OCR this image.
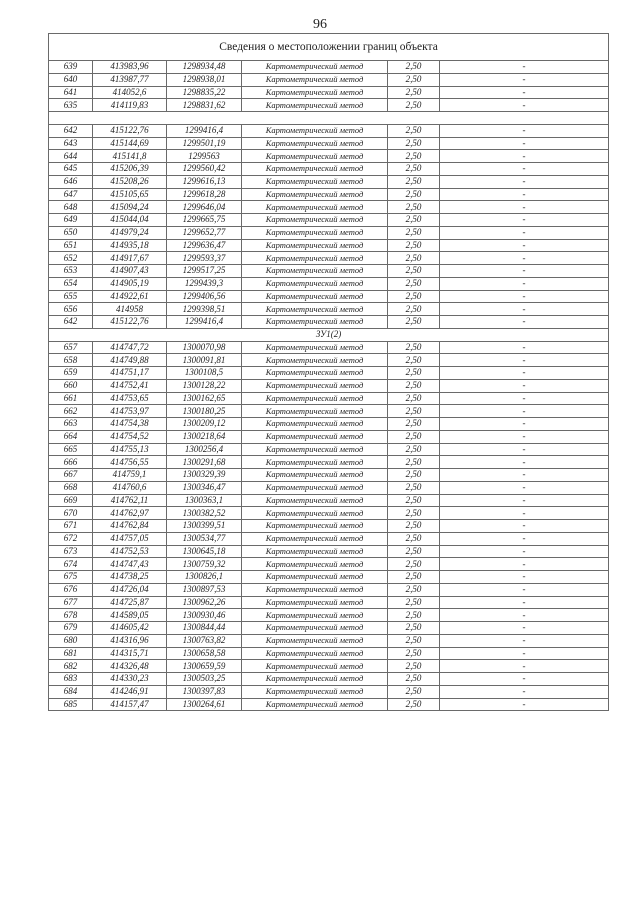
96
Сведения о местоположении границ объекта					
639	413983,96	1298934,48	Картометрический метод	2,50	-
640	413987,77	1298938,01	Картометрический метод	2,50	-
641	414052,6	1298835,22	Картометрический метод	2,50	-
635	414119,83	1298831,62	Картометрический метод	2,50	-

642	415122,76	1299416,4	Картометрический метод	2,50	-
643	415144,69	1299501,19	Картометрический метод	2,50	-
644	415141,8	1299563	Картометрический метод	2,50	-
645	415206,39	1299560,42	Картометрический метод	2,50	-
646	415208,26	1299616,13	Картометрический метод	2,50	-
647	415105,65	1299618,28	Картометрический метод	2,50	-
648	415094,24	1299646,04	Картометрический метод	2,50	-
649	415044,04	1299665,75	Картометрический метод	2,50	-
650	414979,24	1299652,77	Картометрический метод	2,50	-
651	414935,18	1299636,47	Картометрический метод	2,50	-
652	414917,67	1299593,37	Картометрический метод	2,50	-
653	414907,43	1299517,25	Картометрический метод	2,50	-
654	414905,19	1299439,3	Картометрический метод	2,50	-
655	414922,61	1299406,56	Картометрический метод	2,50	-
656	414958	1299398,51	Картометрический метод	2,50	-
642	415122,76	1299416,4	Картометрический метод	2,50	-
ЗУ1(2)					
657	414747,72	1300070,98	Картометрический метод	2,50	-
658	414749,88	1300091,81	Картометрический метод	2,50	-
659	414751,17	1300108,5	Картометрический метод	2,50	-
660	414752,41	1300128,22	Картометрический метод	2,50	-
661	414753,65	1300162,65	Картометрический метод	2,50	-
662	414753,97	1300180,25	Картометрический метод	2,50	-
663	414754,38	1300209,12	Картометрический метод	2,50	-
664	414754,52	1300218,64	Картометрический метод	2,50	-
665	414755,13	1300256,4	Картометрический метод	2,50	-
666	414756,55	1300291,68	Картометрический метод	2,50	-
667	414759,1	1300329,39	Картометрический метод	2,50	-
668	414760,6	1300346,47	Картометрический метод	2,50	-
669	414762,11	1300363,1	Картометрический метод	2,50	-
670	414762,97	1300382,52	Картометрический метод	2,50	-
671	414762,84	1300399,51	Картометрический метод	2,50	-
672	414757,05	1300534,77	Картометрический метод	2,50	-
673	414752,53	1300645,18	Картометрический метод	2,50	-
674	414747,43	1300759,32	Картометрический метод	2,50	-
675	414738,25	1300826,1	Картометрический метод	2,50	-
676	414726,04	1300897,53	Картометрический метод	2,50	-
677	414725,87	1300962,26	Картометрический метод	2,50	-
678	414589,05	1300930,46	Картометрический метод	2,50	-
679	414605,42	1300844,44	Картометрический метод	2,50	-
680	414316,96	1300763,82	Картометрический метод	2,50	-
681	414315,71	1300658,58	Картометрический метод	2,50	-
682	414326,48	1300659,59	Картометрический метод	2,50	-
683	414330,23	1300503,25	Картометрический метод	2,50	-
684	414246,91	1300397,83	Картометрический метод	2,50	-
685	414157,47	1300264,61	Картометрический метод	2,50	-
